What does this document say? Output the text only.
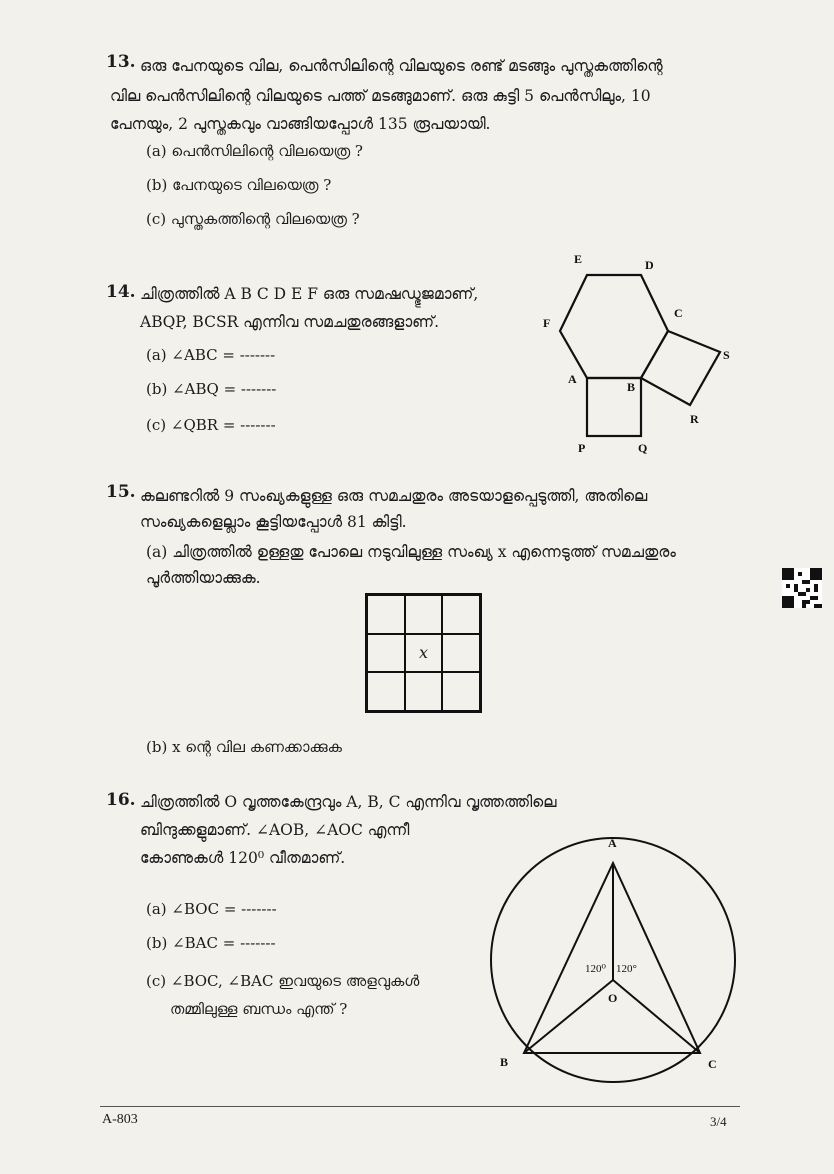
13. ഒരു പേനയുടെ വില, പെൻസിലിന്റെ വിലയുടെ രണ്ട് മടങ്ങും പുസ്തകത്തിന്റെ
വില പെൻസിലിന്റെ വിലയുടെ പത്ത് മടങ്ങുമാണ്. ഒരു കുട്ടി 5 പെൻസിലും, 10
പേനയും, 2 പുസ്തകവും വാങ്ങിയപ്പോൾ 135 രൂപയായി.
(a) പെൻസിലിന്റെ വിലയെത്ര ?
(b) പേനയുടെ വിലയെത്ര ?
(c) പുസ്തകത്തിന്റെ വിലയെത്ര ?
14. ചിത്രത്തിൽ A B C D E F ഒരു സമഷഡ്ഭുജമാണ്,
ABQP, BCSR എന്നിവ സമചതുരങ്ങളാണ്.
(a) ∠ABC = -------
(b) ∠ABQ = -------
(c) ∠QBR = -------
E	D
C
F
S
A
B
R
P	Q
15. കലണ്ടറിൽ 9 സംഖ്യകളുള്ള ഒരു സമചതുരം അടയാളപ്പെടുത്തി, അതിലെ
സംഖ്യകളെല്ലാം കൂട്ടിയപ്പോൾ 81 കിട്ടി.
(a) ചിത്രത്തിൽ ഉള്ളതു പോലെ നടുവിലുള്ള സംഖ്യ x എന്നെടുത്ത് സമചതുരം
പൂർത്തിയാക്കുക.
x
(b) x ന്റെ വില കണക്കാക്കുക
16. ചിത്രത്തിൽ O വൃത്തകേന്ദ്രവും A, B, C എന്നിവ വൃത്തത്തിലെ
ബിന്ദുക്കളുമാണ്. ∠AOB, ∠AOC എന്നീ
കോണുകൾ 120⁰ വീതമാണ്.
(a) ∠BOC = -------
(b) ∠BAC = -------
(c) ∠BOC, ∠BAC ഇവയുടെ അളവുകൾ
തമ്മിലുള്ള ബന്ധം എന്ത് ?
A
B	C
O
120⁰ 120°
A-803	3/4
